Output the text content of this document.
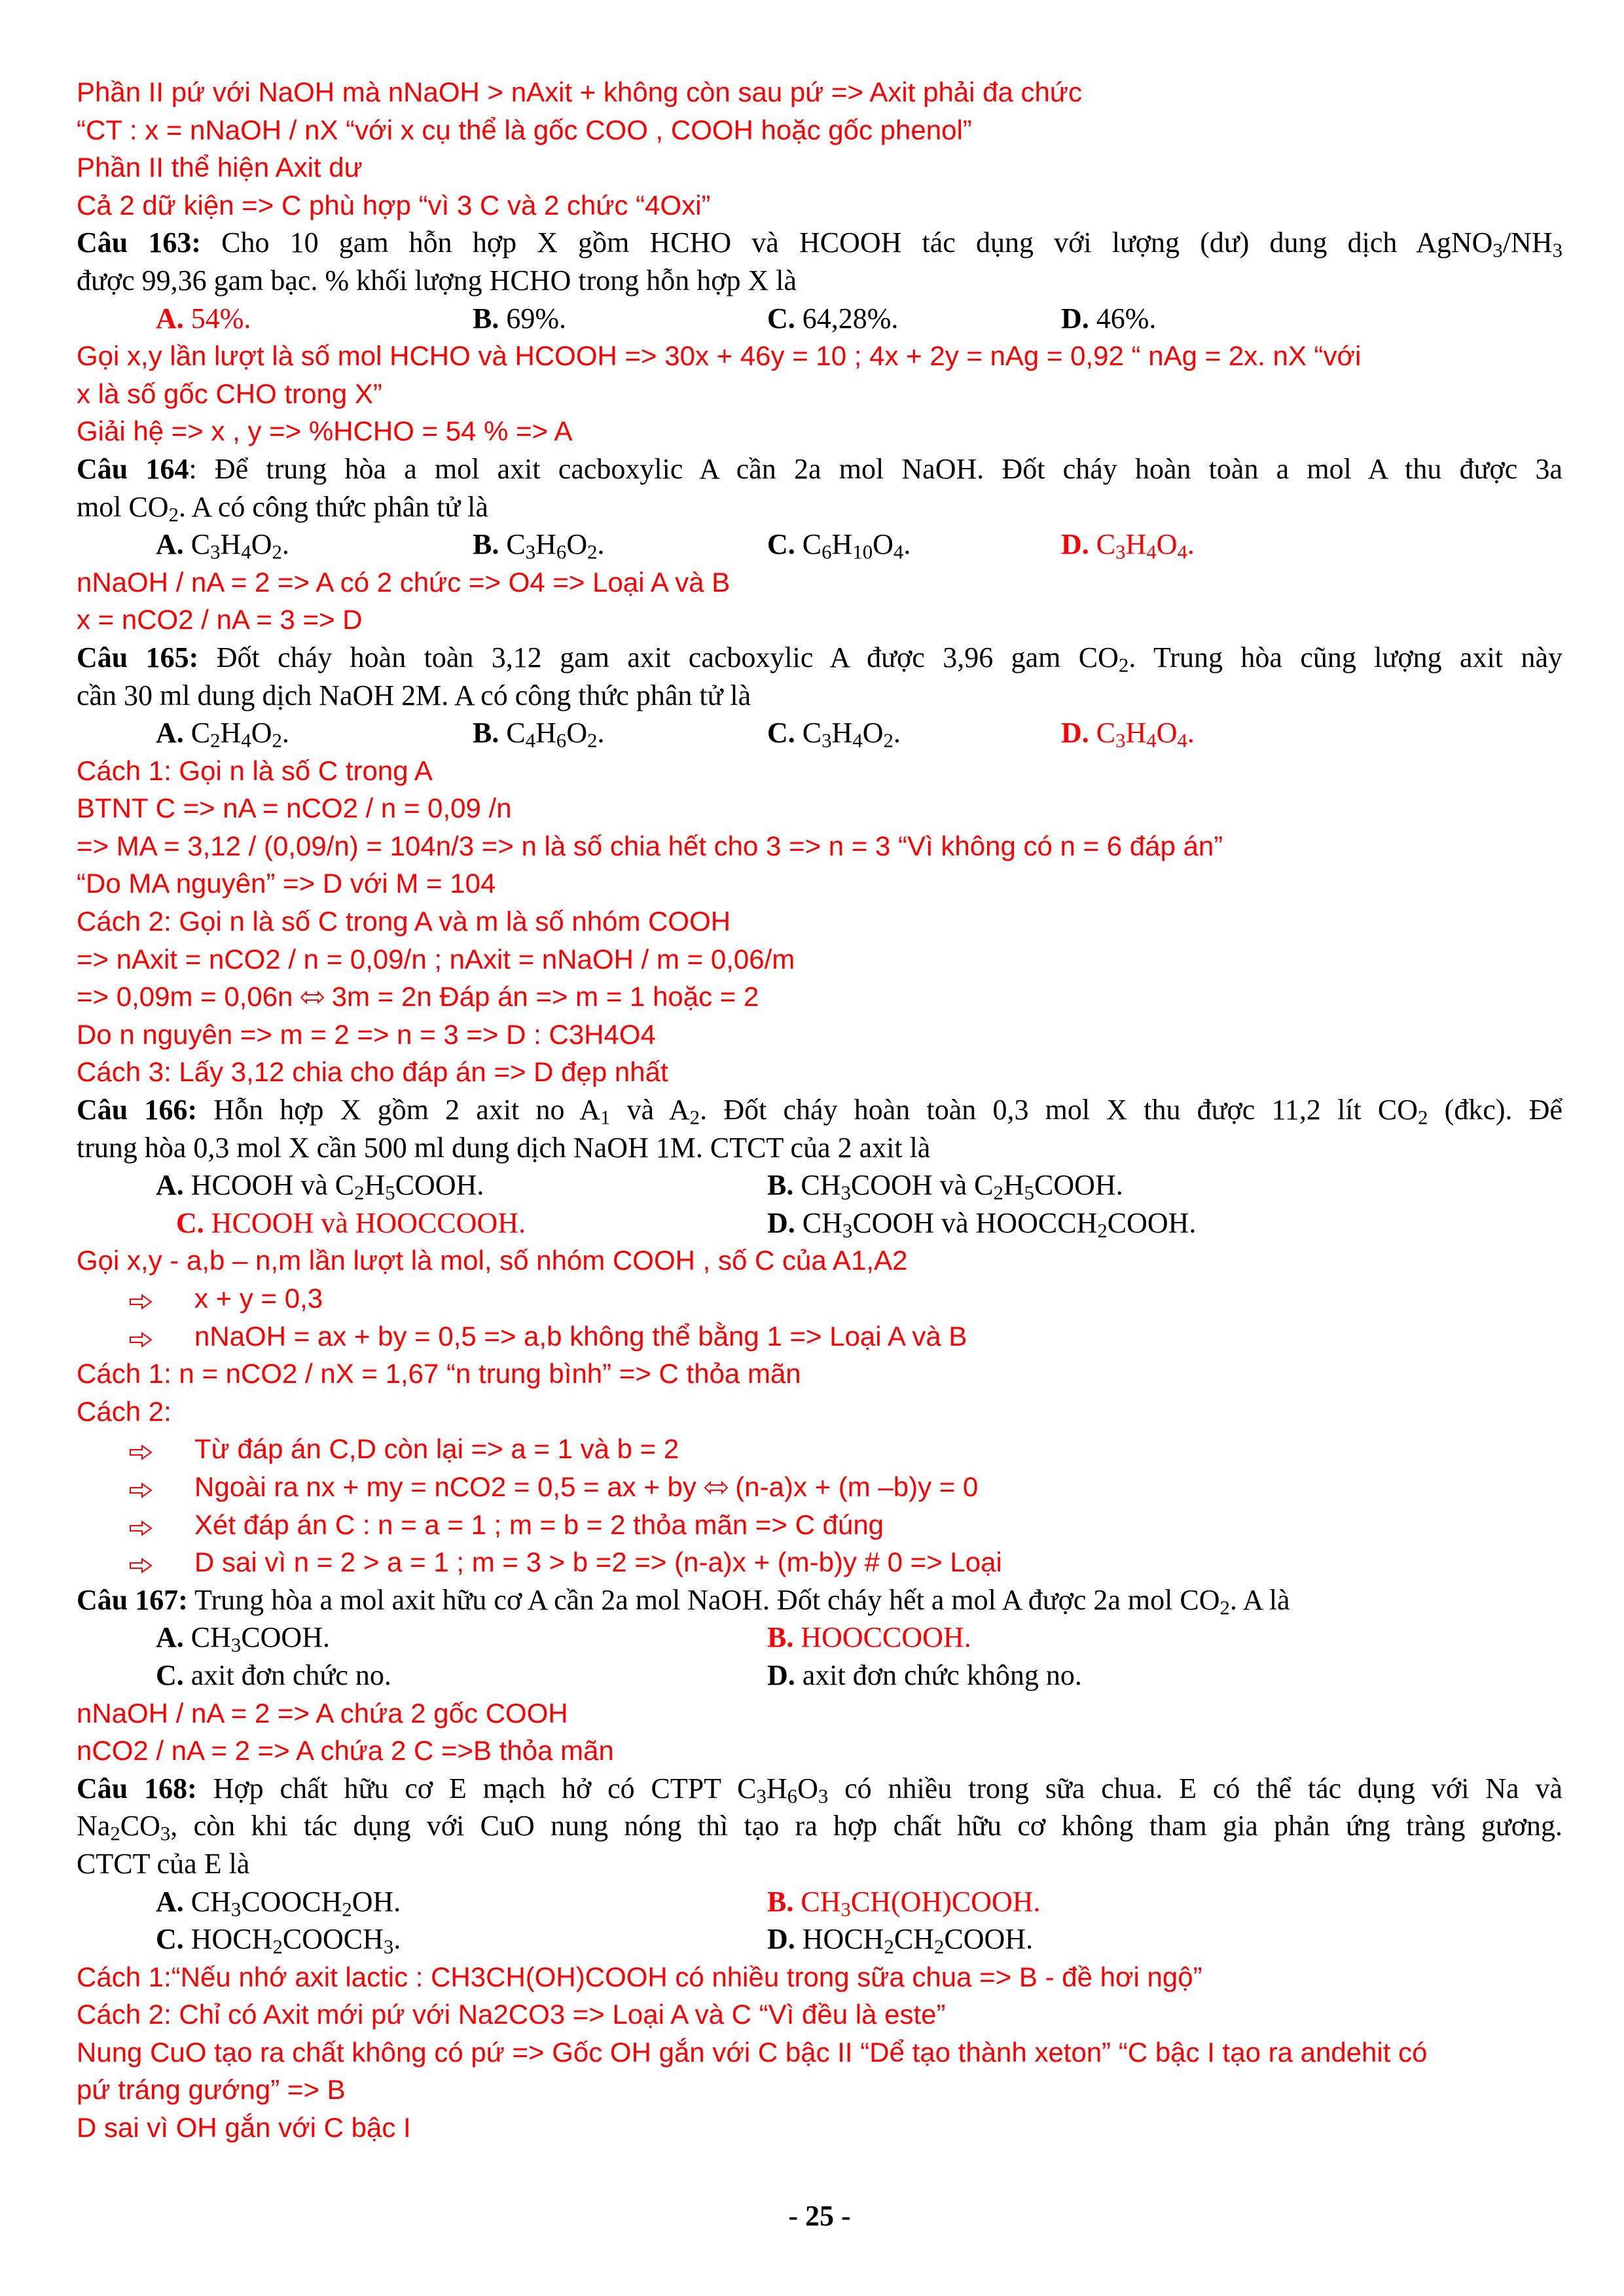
Phần II pứ với NaOH mà nNaOH > nAxit + không còn sau pứ => Axit phải đa chức
“CT : x = nNaOH / nX “với x cụ thể là gốc COO , COOH hoặc gốc phenol”
Phần II thể hiện Axit dư
Cả 2 dữ kiện => C phù hợp “vì 3 C và 2 chức “4Oxi”
Câu 163: Cho 10 gam hỗn hợp X gồm HCHO và HCOOH tác dụng với lượng (dư) dung dịch $AgNO_3/NH_3$
được 99,36 gam bạc. % khối lượng HCHO trong hỗn hợp X là
A. 54%.	B. 69%.	C. 64,28%.	D. 46%.
Gọi x,y lần lượt là số mol HCHO và HCOOH => 30x + 46y = 10 ; 4x + 2y = nAg = 0,92 “ nAg = 2x. nX “với
x là số gốc CHO trong X”
Giải hệ => x , y => %HCHO = 54 % => A
Câu 164: Để trung hòa a mol axit cacboxylic A cần 2a mol NaOH. Đốt cháy hoàn toàn a mol A thu được 3a
mol $CO_2$. A có công thức phân tử là
A. $C_3H_4O_2$.	B. $C_3H_6O_2$.	C. $C_6H_{10}O_4$.	D. $C_3H_4O_4$.
nNaOH / nA = 2 => A có 2 chức => O4 => Loại A và B
x = nCO2 / nA = 3 => D
Câu 165: Đốt cháy hoàn toàn 3,12 gam axit cacboxylic A được 3,96 gam $CO_2$. Trung hòa cũng lượng axit này
cần 30 ml dung dịch NaOH 2M. A có công thức phân tử là
A. $C_2H_4O_2$.	B. $C_4H_6O_2$.	C. $C_3H_4O_2$.	D. $C_3H_4O_4$.
Cách 1: Gọi n là số C trong A
BTNT C => nA = nCO2 / n = 0,09 /n
=> MA = 3,12 / (0,09/n) = 104n/3 => n là số chia hết cho 3 => n = 3 “Vì không có n = 6 đáp án”
“Do MA nguyên” => D với M = 104
Cách 2: Gọi n là số C trong A và m là số nhóm COOH
=> nAxit = nCO2 / n = 0,09/n ; nAxit = nNaOH / m = 0,06/m
=> 0,09m = 0,06n  3m = 2n Đáp án => m = 1 hoặc = 2
Do n nguyên => m = 2 => n = 3 => D : C3H4O4
Cách 3: Lấy 3,12 chia cho đáp án => D đẹp nhất
Câu 166: Hỗn hợp X gồm 2 axit no $A_1$ và $A_2$. Đốt cháy hoàn toàn 0,3 mol X thu được 11,2 lít $CO_2$ (đkc). Để
trung hòa 0,3 mol X cần 500 ml dung dịch NaOH 1M. CTCT của 2 axit là
A. HCOOH và $C_2H_5COOH$.	B. $CH_3COOH$ và $C_2H_5COOH$.
C. HCOOH và HOOCCOOH.	D. $CH_3COOH$ và $HOOCCH_2COOH$.
Gọi x,y - a,b – n,m lần lượt là mol, số nhóm COOH , số C của A1,A2
x + y = 0,3
nNaOH = ax + by = 0,5 => a,b không thể bằng 1 => Loại A và B
Cách 1: n = nCO2 / nX = 1,67 “n trung bình” => C thỏa mãn
Cách 2:
Từ đáp án C,D còn lại => a = 1 và b = 2
Ngoài ra nx + my = nCO2 = 0,5 = ax + by  (n-a)x + (m –b)y = 0
Xét đáp án C : n = a = 1 ; m = b = 2 thỏa mãn => C đúng
D sai vì n = 2 > a = 1 ; m = 3 > b =2 => (n-a)x + (m-b)y # 0 => Loại
Câu 167: Trung hòa a mol axit hữu cơ A cần 2a mol NaOH. Đốt cháy hết a mol A được 2a mol $CO_2$. A là
A. $CH_3COOH$.	B. HOOCCOOH.
C. axit đơn chức no.	D. axit đơn chức không no.
nNaOH / nA = 2 => A chứa 2 gốc COOH
nCO2 / nA = 2 => A chứa 2 C =>B thỏa mãn
Câu 168: Hợp chất hữu cơ E mạch hở có CTPT $C_3H_6O_3$ có nhiều trong sữa chua. E có thể tác dụng với Na và
$Na_2CO_3$, còn khi tác dụng với CuO nung nóng thì tạo ra hợp chất hữu cơ không tham gia phản ứng tràng gương.
CTCT của E là
A. $CH_3COOCH_2OH$.	B. $CH_3CH(OH)COOH$.
C. $HOCH_2COOCH_3$.	D. $HOCH_2CH_2COOH$.
Cách 1:“Nếu nhớ axit lactic : CH3CH(OH)COOH có nhiều trong sữa chua => B - đề hơi ngộ”
Cách 2: Chỉ có Axit mới pứ với Na2CO3 => Loại A và C “Vì đều là este”
Nung CuO tạo ra chất không có pứ => Gốc OH gắn với C bậc II “Dể tạo thành xeton” “C bậc I tạo ra andehit có
pứ tráng gướng” => B
D sai vì OH gắn với C bậc I
- 25 -
